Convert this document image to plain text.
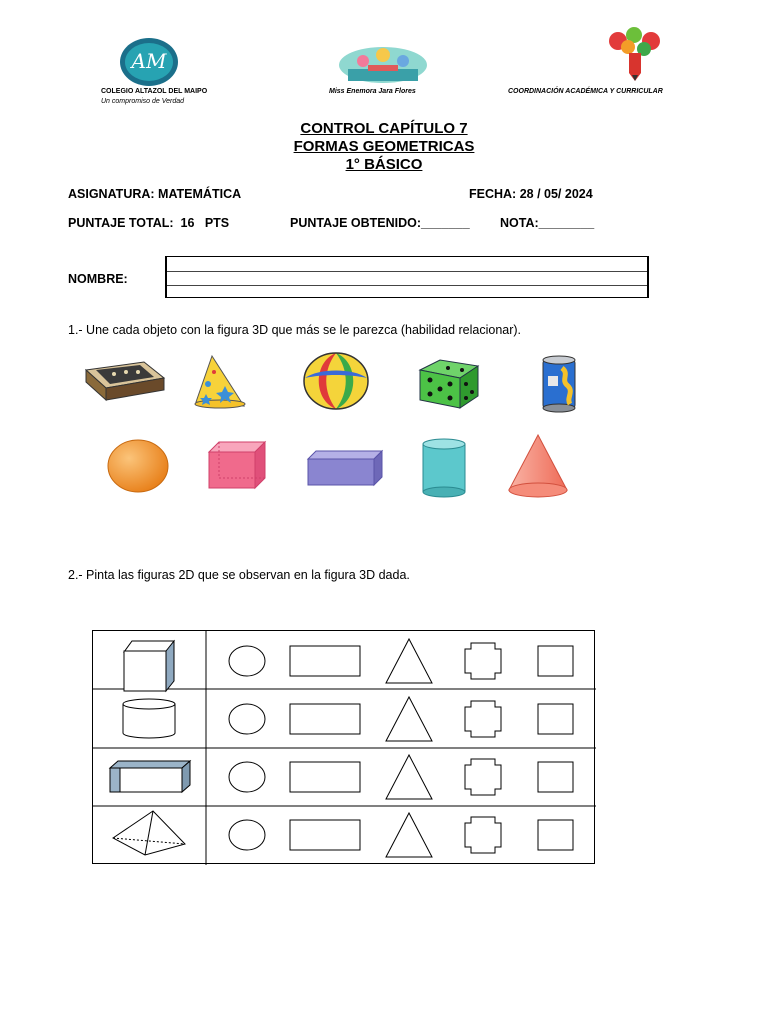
AM
COLEGIO ALTAZOL DEL MAIPO
Un compromiso de Verdad
Miss Enemora Jara Flores	COORDINACIÓN ACADÉMICA Y CURRICULAR
CONTROL CAPÍTULO 7
FORMAS GEOMETRICAS
1° BÁSICO
ASIGNATURA: MATEMÁTICA	FECHA: 28 / 05/ 2024
PUNTAJE TOTAL:  16   PTS	PUNTAJE OBTENIDO:_______ NOTA:________
NOMBRE:
1.- Une cada objeto con la figura 3D que más se le parezca (habilidad relacionar).
2.- Pinta las figuras 2D que se observan en la figura 3D dada.
